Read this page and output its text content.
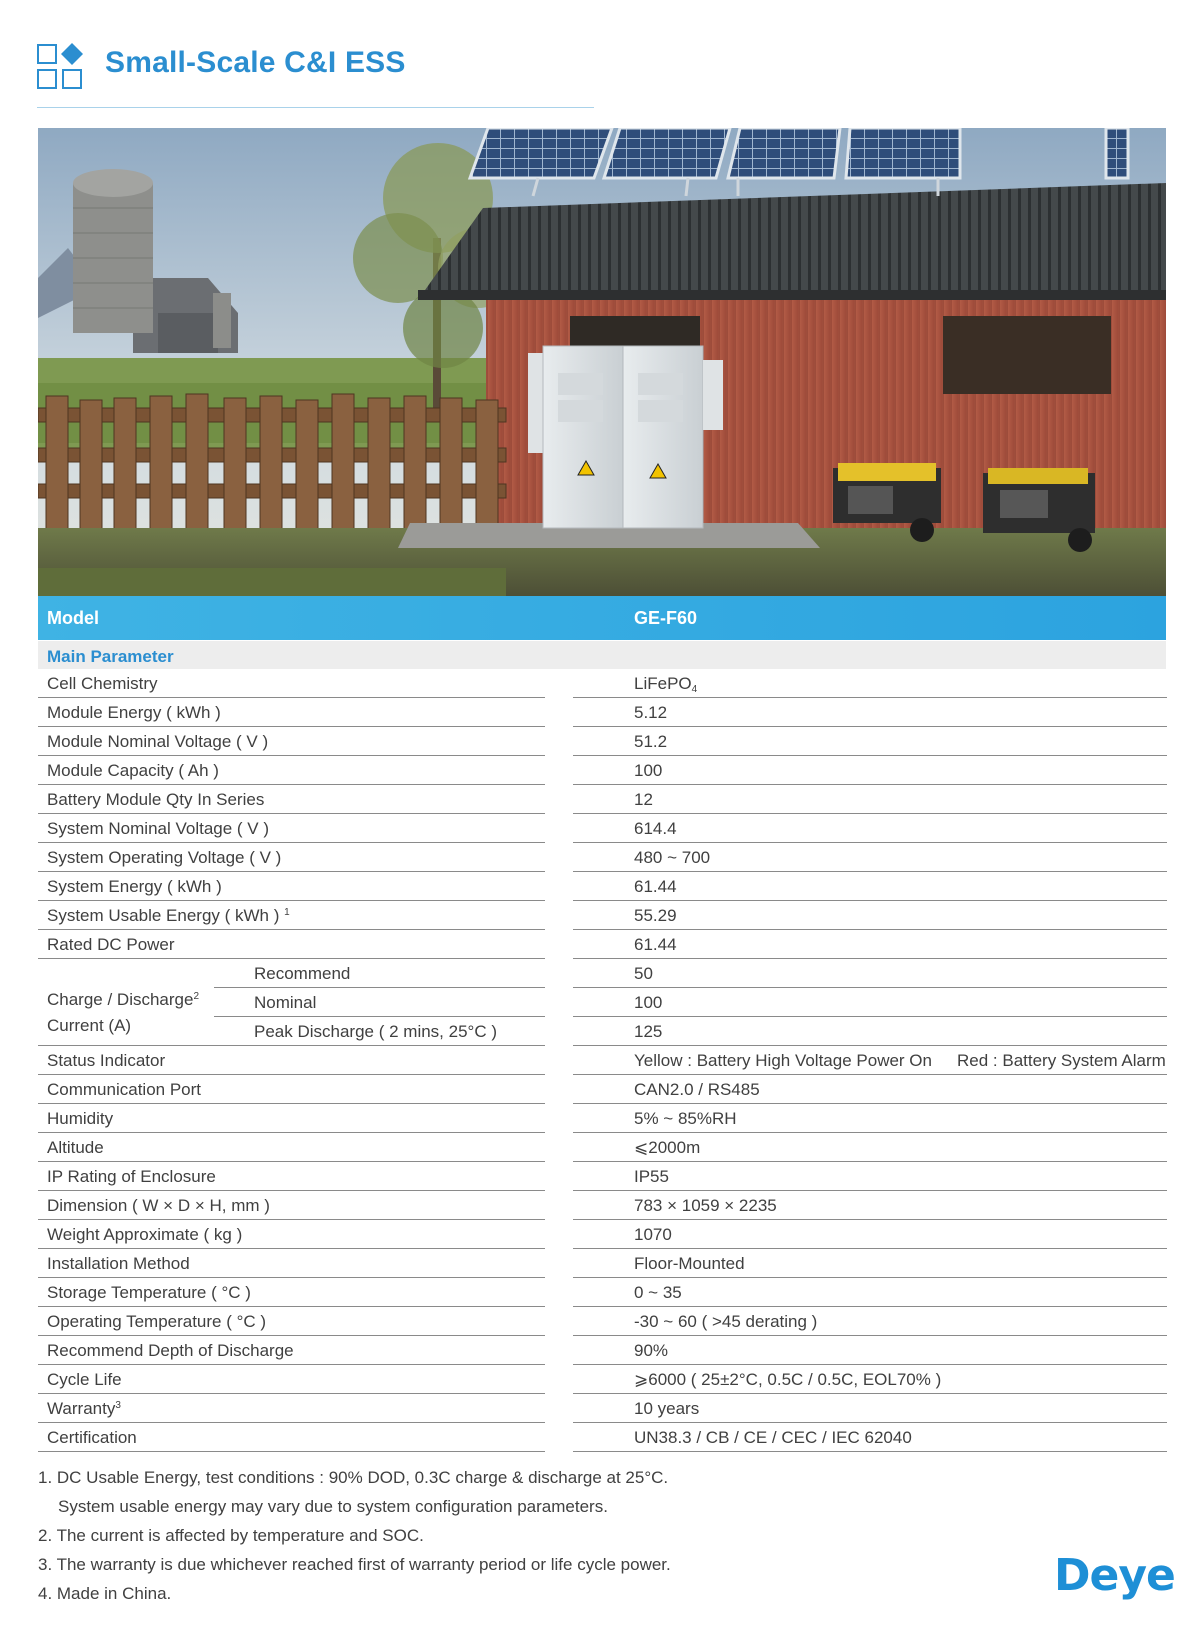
Small-Scale C&I ESS
Model	GE-F60
Main Parameter
Cell Chemistry	LiFePO$_4$
Module Energy ( kWh )	5.12
Module Nominal Voltage ( V )	51.2
Module Capacity ( Ah )	100
Battery Module Qty In Series	12
System Nominal Voltage ( V )	614.4
System Operating Voltage ( V )	480 ~ 700
System Energy ( kWh )	61.44
System Usable Energy ( kWh ) $^1$	55.29
Rated DC Power	61.44
Charge / Discharge$^2$
Current (A)
Recommend	50
Nominal	100
Peak Discharge ( 2 mins, 25°C )	125
Status Indicator	Yellow : Battery High Voltage Power On Red : Battery System Alarm
Communication Port	CAN2.0 / RS485
Humidity	5% ~ 85%RH
Altitude	⩽2000m
IP Rating of Enclosure	IP55
Dimension ( W × D × H, mm )	783 × 1059 × 2235
Weight Approximate ( kg )	1070
Installation Method	Floor-Mounted
Storage Temperature ( °C )	0 ~ 35
Operating Temperature ( °C )	-30 ~ 60 ( >45 derating )
Recommend Depth of Discharge	90%
Cycle Life	⩾6000 ( 25±2°C, 0.5C / 0.5C, EOL70% )
Warranty$^3$	10 years
Certification	UN38.3 / CB / CE / CEC / IEC 62040
1. DC Usable Energy, test conditions : 90% DOD, 0.3C charge & discharge at 25°C.
System usable energy may vary due to system configuration parameters.
2. The current is affected by temperature and SOC.
3. The warranty is due whichever reached first of warranty period or life cycle power.
4. Made in China.	Deye
